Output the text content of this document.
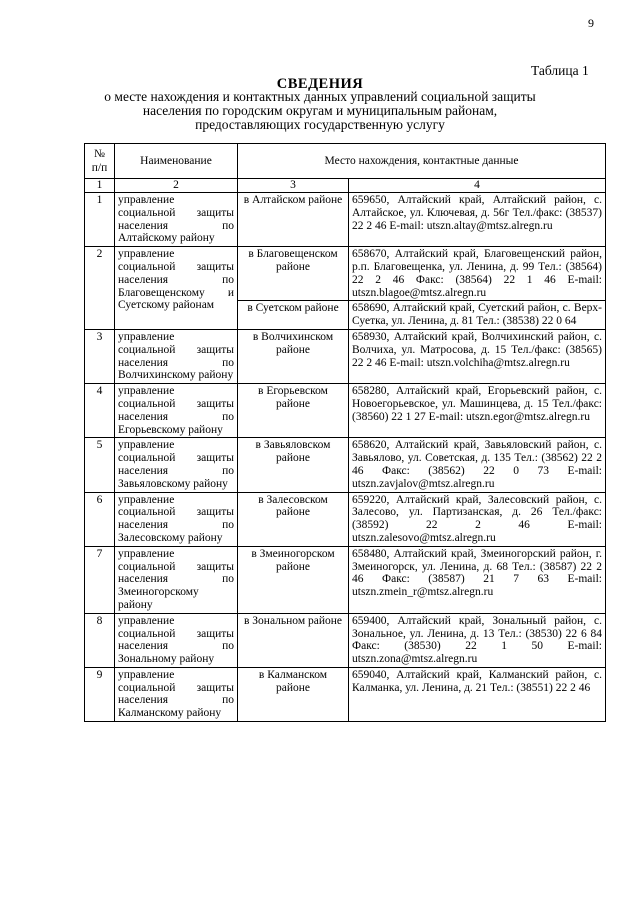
9
Таблица 1
СВЕДЕНИЯ
о месте нахождения и контактных данных управлений социальной защиты населения по городским округам и муниципальным районам, предоставляющих государственную услугу
№ п/п	Наименование	Место нахождения, контактные данные	
1	2	3	4
1	управление социальной защиты населения по Алтайскому району	в Алтайском районе	659650, Алтайский край, Алтайский район, с. Алтайское, ул. Ключевая, д. 56г Тел./факс: (38537) 22 2 46 E-mail: utszn.altay@mtsz.alregn.ru
2	управление социальной защиты населения по Благовещенскому и Суетскому районам	в Благовещенском районе	658670, Алтайский край, Благовещенский район, р.п. Благовещенка, ул. Ленина, д. 99 Тел.: (38564) 22 2 46 Факс: (38564) 22 1 46 E-mail: utszn.blagoe@mtsz.alregn.ru
		в Суетском районе	658690, Алтайский край, Суетский район, с. Верх-Суетка, ул. Ленина, д. 81 Тел.: (38538) 22 0 64
3	управление социальной защиты населения по Волчихинскому району	в Волчихинском районе	658930, Алтайский край, Волчихинский район, с. Волчиха, ул. Матросова, д. 15 Тел./факс: (38565) 22 2 46 E-mail: utszn.volchiha@mtsz.alregn.ru
4	управление социальной защиты населения по Егорьевскому району	в Егорьевском районе	658280, Алтайский край, Егорьевский район, с. Новоегорьевское, ул. Машинцева, д. 15 Тел./факс: (38560) 22 1 27 E-mail: utszn.egor@mtsz.alregn.ru
5	управление социальной защиты населения по Завьяловскому району	в Завьяловском районе	658620, Алтайский край, Завьяловский район, с. Завьялово, ул. Советская, д. 135 Тел.: (38562) 22 2 46 Факс: (38562) 22 0 73 E-mail: utszn.zavjalov@mtsz.alregn.ru
6	управление социальной защиты населения по Залесовскому району	в Залесовском районе	659220, Алтайский край, Залесовский район, с. Залесово, ул. Партизанская, д. 26 Тел./факс: (38592) 22 2 46 E-mail: utszn.zalesovo@mtsz.alregn.ru
7	управление социальной защиты населения по Змеиногорскому району	в Змеиногорском районе	658480, Алтайский край, Змеиногорский район, г. Змеиногорск, ул. Ленина, д. 68 Тел.: (38587) 22 2 46 Факс: (38587) 21 7 63 E-mail: utszn.zmein_r@mtsz.alregn.ru
8	управление социальной защиты населения по Зональному району	в Зональном районе	659400, Алтайский край, Зональный район, с. Зональное, ул. Ленина, д. 13 Тел.: (38530) 22 6 84 Факс: (38530) 22 1 50 E-mail: utszn.zona@mtsz.alregn.ru
9	управление социальной защиты населения по Калманскому району	в Калманском районе	659040, Алтайский край, Калманский район, с. Калманка, ул. Ленина, д. 21 Тел.: (38551) 22 2 46
